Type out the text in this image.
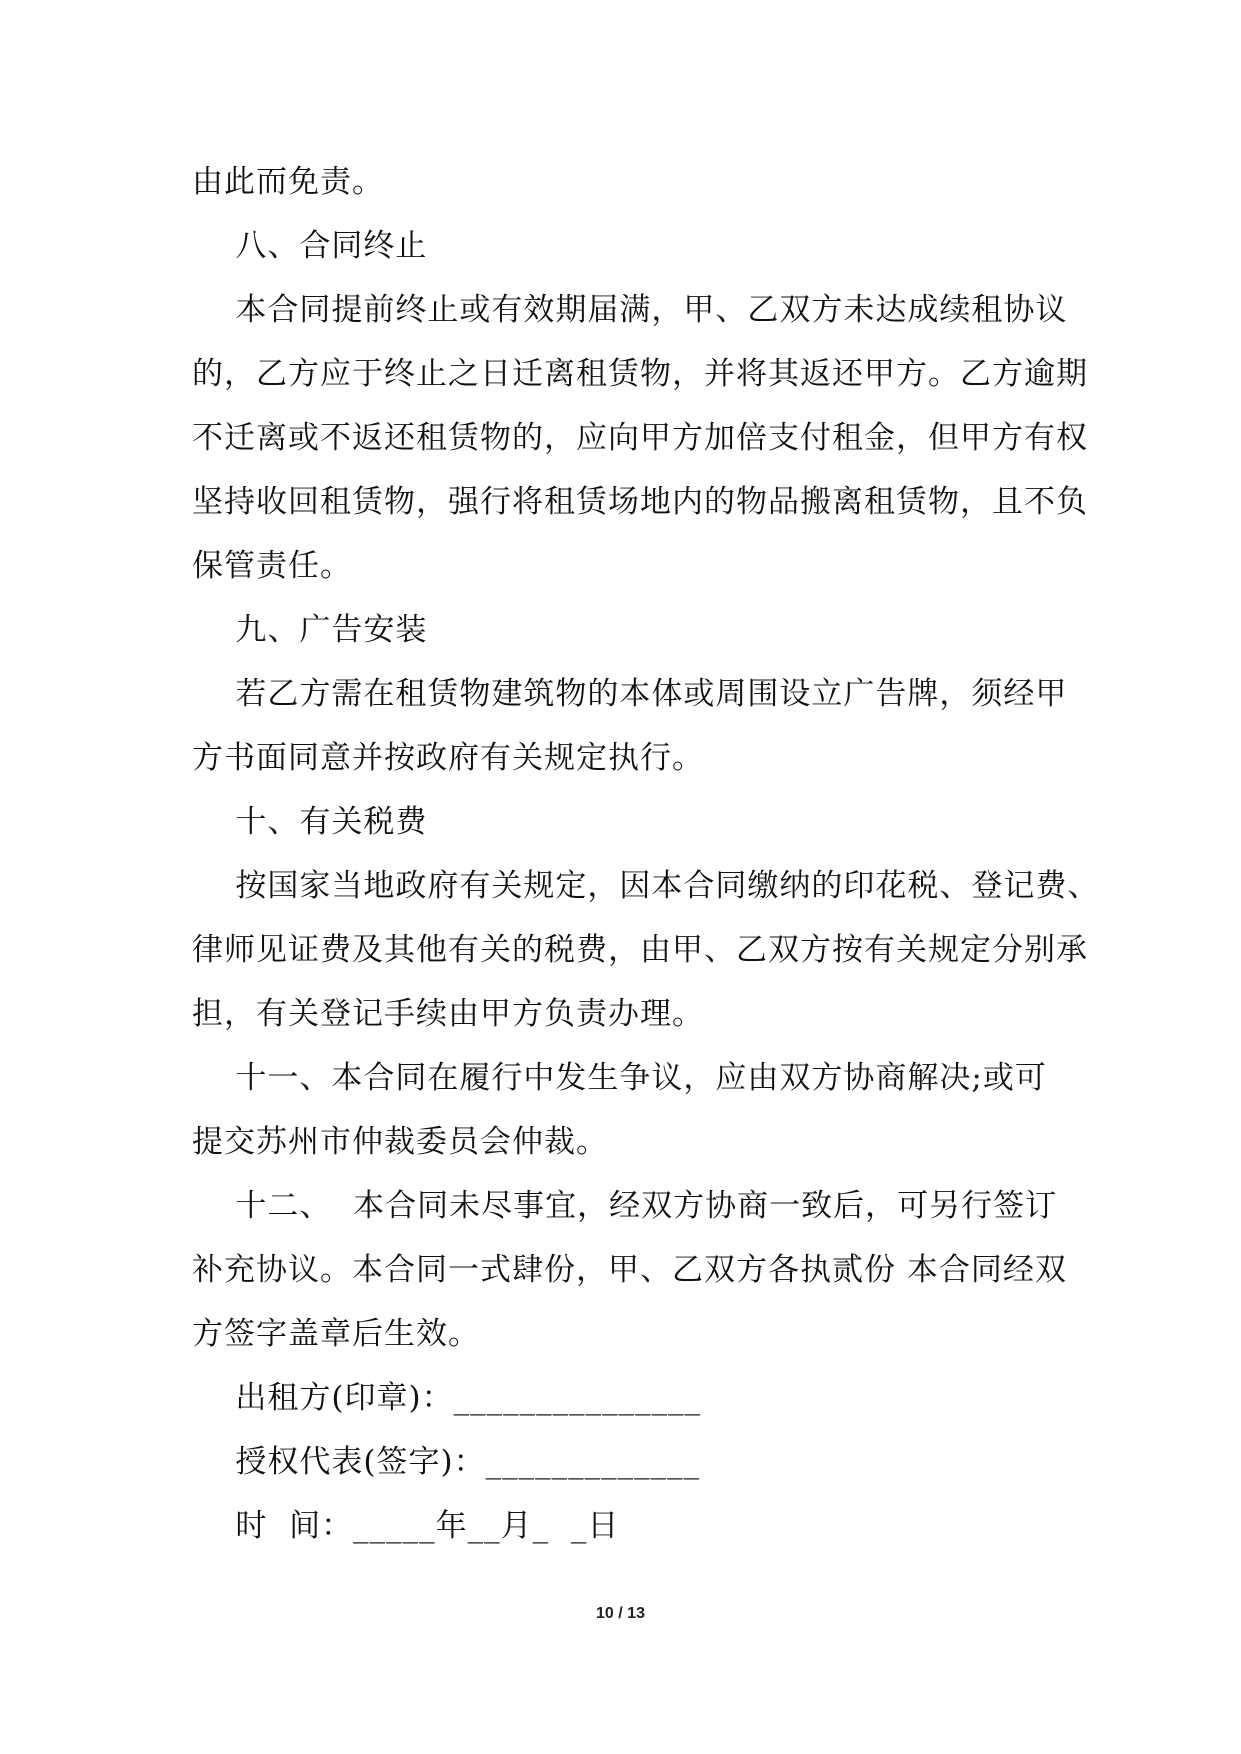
由此而免责。
八、合同终止
本合同提前终止或有效期届满，甲、乙双方未达成续租协议
的，乙方应于终止之日迁离租赁物，并将其返还甲方。乙方逾期
不迁离或不返还租赁物的，应向甲方加倍支付租金，但甲方有权
坚持收回租赁物，强行将租赁场地内的物品搬离租赁物，且不负
保管责任。
九、广告安装
若乙方需在租赁物建筑物的本体或周围设立广告牌，须经甲
方书面同意并按政府有关规定执行。
十、有关税费
按国家当地政府有关规定，因本合同缴纳的印花税、登记费、
律师见证费及其他有关的税费，由甲、乙双方按有关规定分别承
担，有关登记手续由甲方负责办理。
十一、本合同在履行中发生争议，应由双方协商解决;或可
提交苏州市仲裁委员会仲裁。
十二、  本合同未尽事宜，经双方协商一致后，可另行签订
补充协议。本合同一式肆份，甲、乙双方各执贰份 本合同经双
方签字盖章后生效。
出租方(印章)：_______________
授权代表(签字)：_____________
时  间：_____年__月_  _日
10 / 13
